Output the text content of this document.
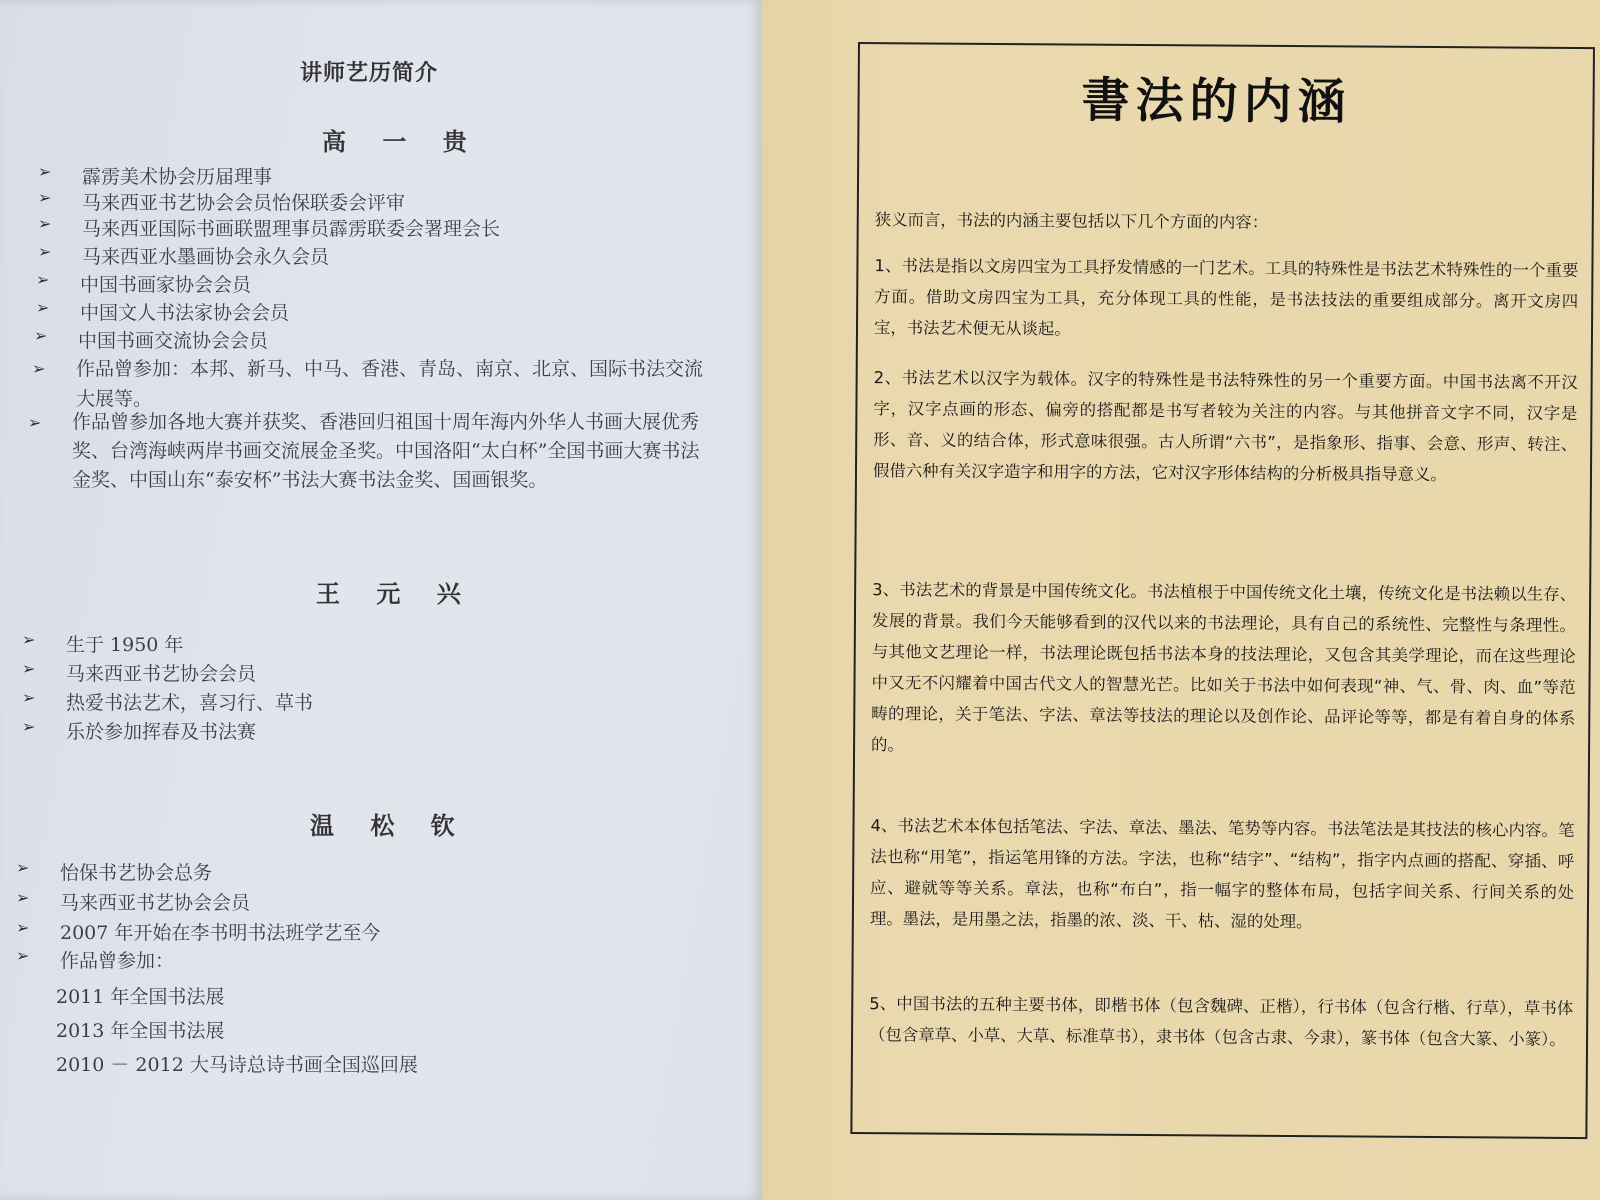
讲师艺历简介
高 一 贵
➢ 霹雳美术协会历届理事
➢ 马来西亚书艺协会会员怡保联委会评审
➢ 马来西亚国际书画联盟理事员霹雳联委会署理会长
➢ 马来西亚水墨画协会永久会员
➢ 中国书画家协会会员
➢ 中国文人书法家协会会员
➢ 中国书画交流协会会员
➢ 作品曾参加：本邦、新马、中马、香港、青岛、南京、北京、国际书法交流大展等。
➢ 作品曾参加各地大赛并获奖、香港回归祖国十周年海内外华人书画大展优秀奖、台湾海峡两岸书画交流展金圣奖。中国洛阳“太白杯”全国书画大赛书法金奖、中国山东“泰安杯”书法大赛书法金奖、国画银奖。
王 元 兴
➢ 生于 1950 年
➢ 马来西亚书艺协会会员
➢ 热爱书法艺术，喜习行、草书
➢ 乐於参加挥春及书法赛
温 松 钦
➢ 怡保书艺协会总务
➢ 马来西亚书艺协会会员
➢ 2007 年开始在李书明书法班学艺至今
➢ 作品曾参加：
2011 年全国书法展
2013 年全国书法展
2010 － 2012 大马诗总诗书画全国巡回展
書法的内涵

狭义而言，书法的内涵主要包括以下几个方面的内容：

1、书法是指以文房四宝为工具抒发情感的一门艺术。工具的特殊性是书法艺术特殊性的一个重要方面。借助文房四宝为工具，充分体现工具的性能，是书法技法的重要组成部分。离开文房四宝，书法艺术便无从谈起。

2、书法艺术以汉字为载体。汉字的特殊性是书法特殊性的另一个重要方面。中国书法离不开汉字，汉字点画的形态、偏旁的搭配都是书写者较为关注的内容。与其他拼音文字不同，汉字是形、音、义的结合体，形式意味很强。古人所谓“六书”，是指象形、指事、会意、形声、转注、假借六种有关汉字造字和用字的方法，它对汉字形体结构的分析极具指导意义。

3、书法艺术的背景是中国传统文化。书法植根于中国传统文化土壤，传统文化是书法赖以生存、发展的背景。我们今天能够看到的汉代以来的书法理论，具有自己的系统性、完整性与条理性。与其他文艺理论一样，书法理论既包括书法本身的技法理论，又包含其美学理论，而在这些理论中又无不闪耀着中国古代文人的智慧光芒。比如关于书法中如何表现“神、气、骨、肉、血”等范畴的理论，关于笔法、字法、章法等技法的理论以及创作论、品评论等等，都是有着自身的体系的。

4、书法艺术本体包括笔法、字法、章法、墨法、笔势等内容。书法笔法是其技法的核心内容。笔法也称“用笔”，指运笔用锋的方法。字法，也称“结字”、“结构”，指字内点画的搭配、穿插、呼应、避就等等关系。章法，也称“布白”，指一幅字的整体布局，包括字间关系、行间关系的处理。墨法，是用墨之法，指墨的浓、淡、干、枯、湿的处理。

5、中国书法的五种主要书体，即楷书体（包含魏碑、正楷），行书体（包含行楷、行草），草书体（包含章草、小草、大草、标准草书），隶书体（包含古隶、今隶），篆书体（包含大篆、小篆）。
